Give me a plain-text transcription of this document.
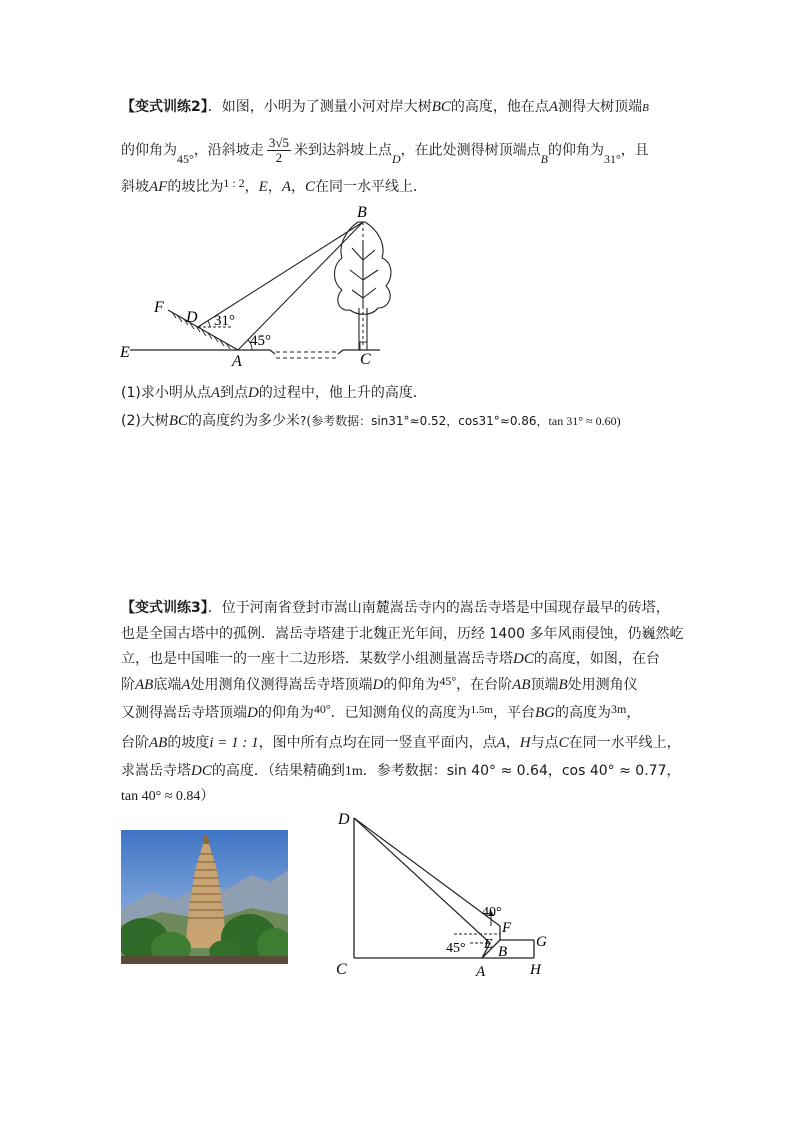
【变式训练2】．如图，小明为了测量小河对岸大树BC的高度，他在点A测得大树顶端B
的仰角为45°，沿斜坡走 $\frac{3√5}{2}$ 米到达斜坡上点D，在此处测得树顶端点B的仰角为31°，且
斜坡AF的坡比为1 : 2，E，A，C在同一水平线上．
B
F
D
E
A	C
31°
45°
(1)求小明从点A到点D的过程中，他上升的高度．
(2)大树BC的高度约为多少米?(参考数据：sin31°≈0.52，cos31°≈0.86，tan 31° ≈ 0.60)
【变式训练3】．位于河南省登封市嵩山南麓嵩岳寺内的嵩岳寺塔是中国现存最早的砖塔，
也是全国古塔中的孤例．嵩岳寺塔建于北魏正光年间，历经 1400 多年风雨侵蚀，仍巍然屹
立，也是中国唯一的一座十二边形塔．某数学小组测量嵩岳寺塔DC的高度，如图，在台
阶AB底端A处用测角仪测得嵩岳寺塔顶端D的仰角为45°，在台阶AB顶端B处用测角仪
又测得嵩岳寺塔顶端D的仰角为40°．已知测角仪的高度为$^{1.5m}$，平台BG的高度为3m，
台阶AB的坡度i = 1 : 1，图中所有点均在同一竖直平面内，点A，H与点C在同一水平线上，
求嵩岳寺塔DC的高度．（结果精确到1m．参考数据：sin 40° ≈ 0.64，cos 40° ≈ 0.77，
tan 40° ≈ 0.84）
D
C	A
B
E
F
G
H
40°
45°
